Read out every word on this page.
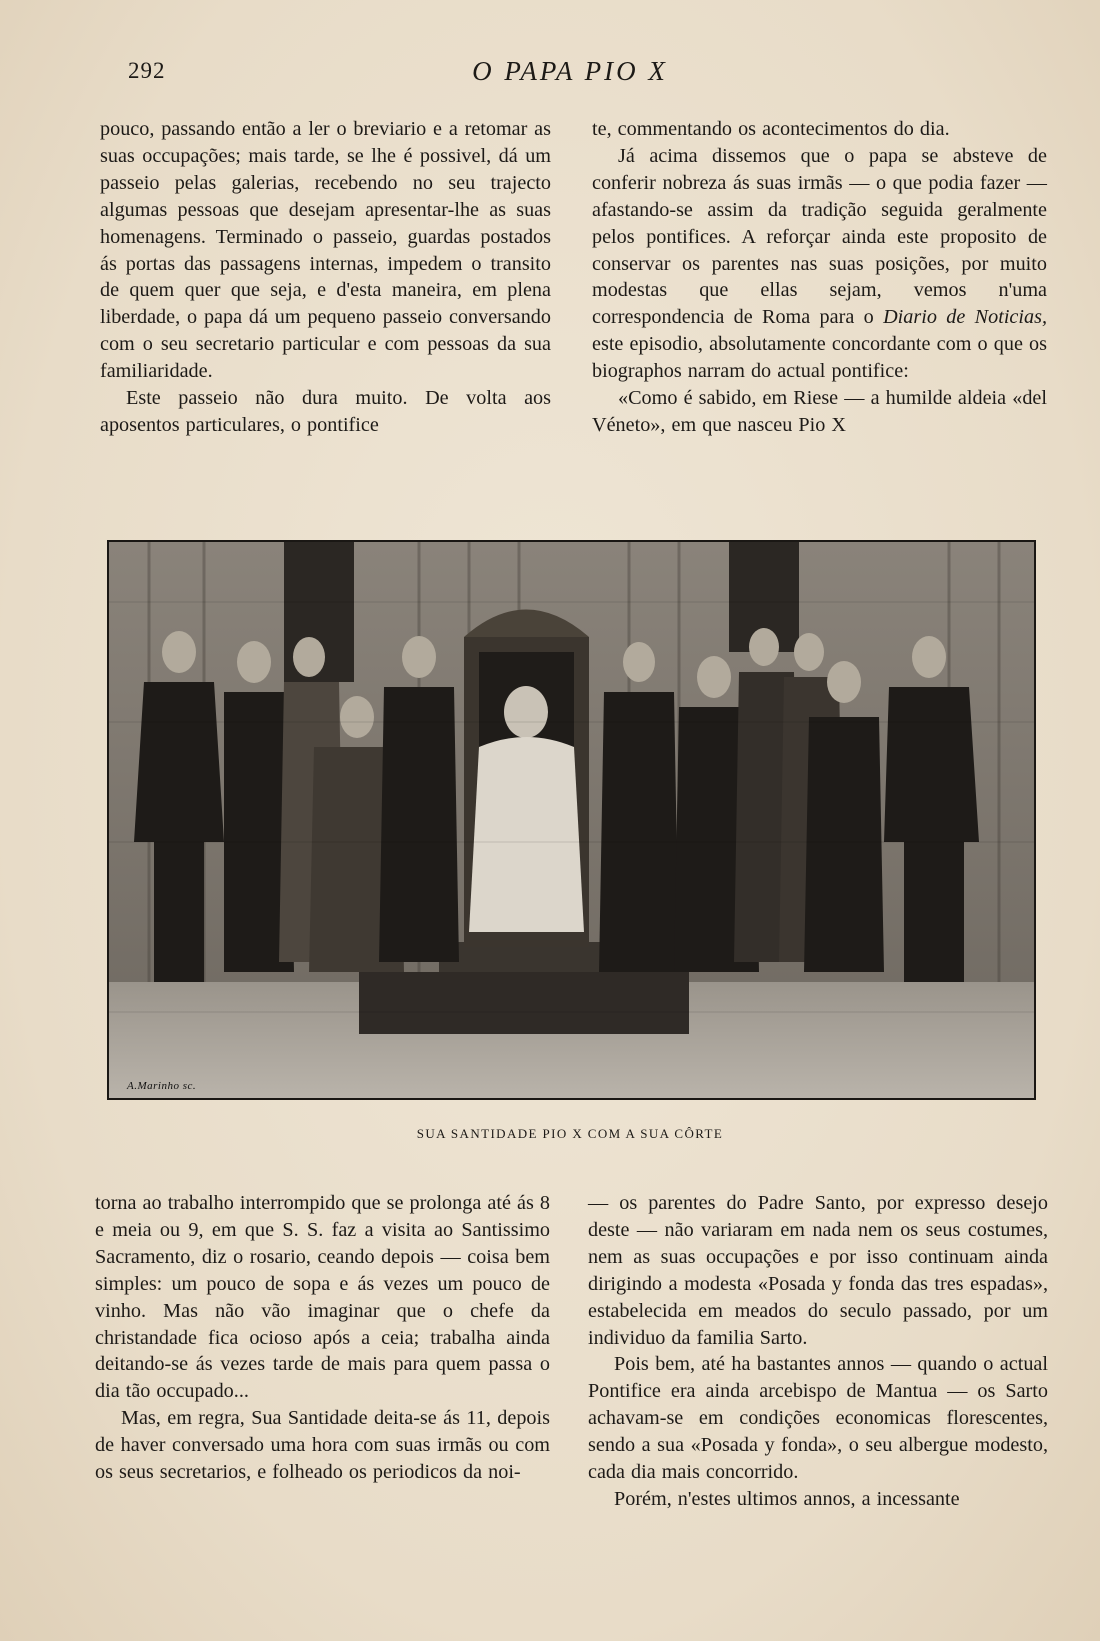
292	O PAPA PIO X

pouco, passando então a ler o breviario e a retomar as suas occupações; mais tarde, se lhe é possivel, dá um passeio pelas galerias, recebendo no seu trajecto algumas pessoas que desejam apresentar-lhe as suas homenagens. Terminado o passeio, guardas postados ás portas das passagens internas, impedem o transito de quem quer que seja, e d'esta maneira, em plena liberdade, o papa dá um pequeno passeio conversando com o seu secretario particular e com pessoas da sua familiaridade.

Este passeio não dura muito. De volta aos aposentos particulares, o pontifice

te, commentando os acontecimentos do dia.

Já acima dissemos que o papa se absteve de conferir nobreza ás suas irmãs — o que podia fazer — afastando-se assim da tradição seguida geralmente pelos pontifices. A reforçar ainda este proposito de conservar os parentes nas suas posições, por muito modestas que ellas sejam, vemos n'uma correspondencia de Roma para o Diario de Noticias, este episodio, absolutamente concordante com o que os biographos narram do actual pontifice:

«Como é sabido, em Riese — a humilde aldeia «del Véneto», em que nasceu Pio X

A.Marinho sc.
SUA SANTIDADE PIO X COM A SUA CÔRTE

torna ao trabalho interrompido que se prolonga até ás 8 e meia ou 9, em que S. S. faz a visita ao Santissimo Sacramento, diz o rosario, ceando depois — coisa bem simples: um pouco de sopa e ás vezes um pouco de vinho. Mas não vão imaginar que o chefe da christandade fica ocioso após a ceia; trabalha ainda deitando-se ás vezes tarde de mais para quem passa o dia tão occupado...

Mas, em regra, Sua Santidade deita-se ás 11, depois de haver conversado uma hora com suas irmãs ou com os seus secretarios, e folheado os periodicos da noi-

— os parentes do Padre Santo, por expresso desejo deste — não variaram em nada nem os seus costumes, nem as suas occupações e por isso continuam ainda dirigindo a modesta «Posada y fonda das tres espadas», estabelecida em meados do seculo passado, por um individuo da familia Sarto.

Pois bem, até ha bastantes annos — quando o actual Pontifice era ainda arcebispo de Mantua — os Sarto achavam-se em condições economicas florescentes, sendo a sua «Posada y fonda», o seu albergue modesto, cada dia mais concorrido.

Porém, n'estes ultimos annos, a incessante
